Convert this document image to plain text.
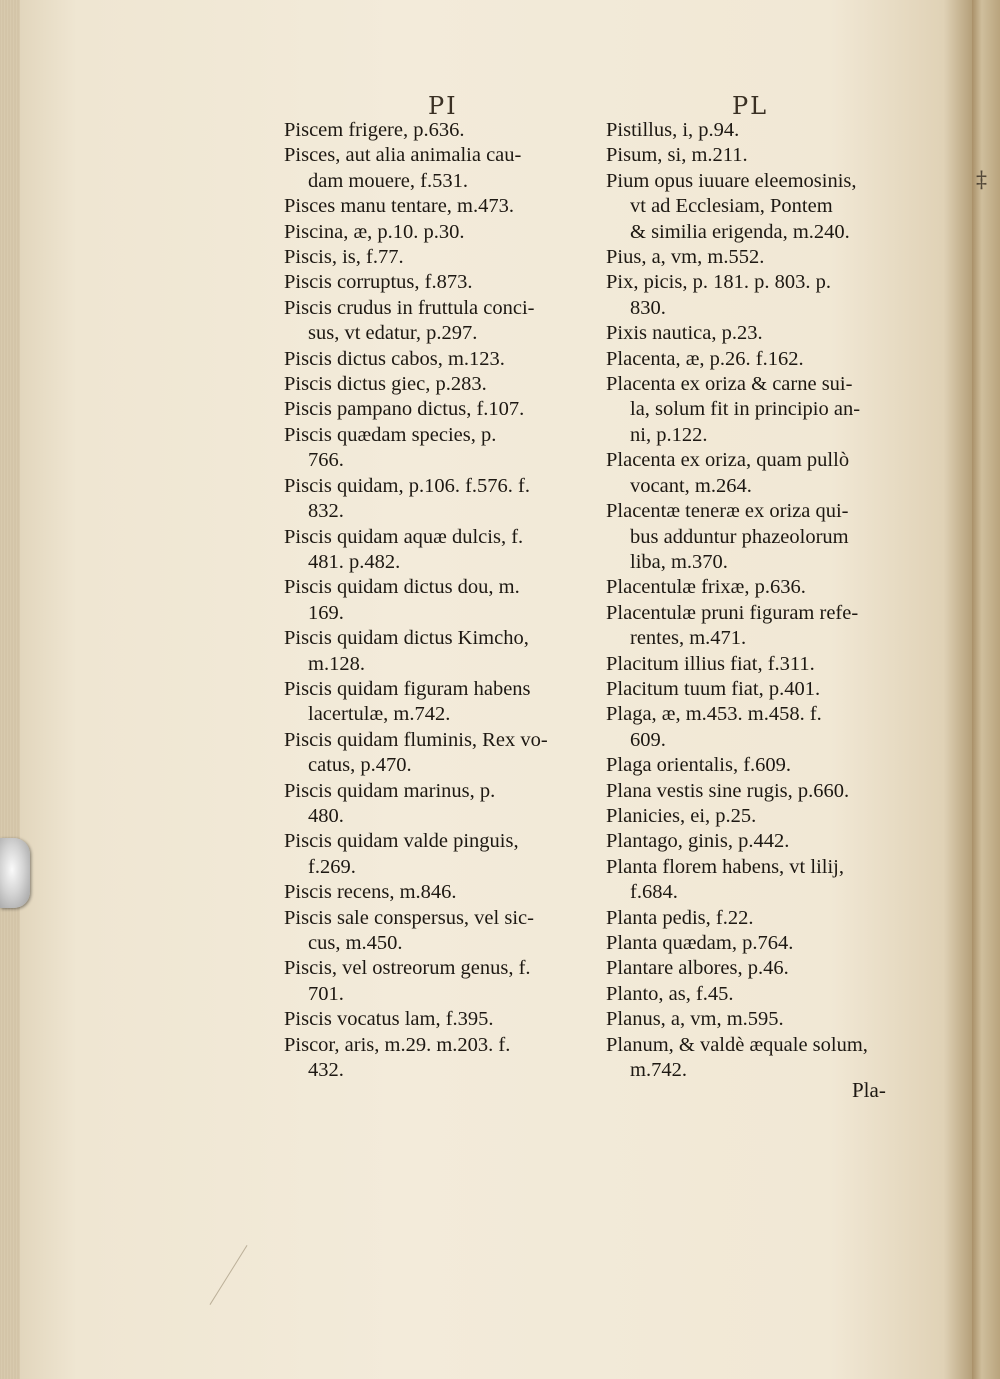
‡
PI	PL
Piscem frigere, p.636.
Pisces, aut alia animalia cau-
dam mouere, f.531.
Pisces manu tentare, m.473.
Piscina, æ, p.10. p.30.
Piscis, is, f.77.
Piscis corruptus, f.873.
Piscis crudus in fruttula conci-
sus, vt edatur, p.297.
Piscis dictus cabos, m.123.
Piscis dictus giec, p.283.
Piscis pampano dictus, f.107.
Piscis quædam species, p.
766.
Piscis quidam, p.106. f.576. f.
832.
Piscis quidam aquæ dulcis, f.
481. p.482.
Piscis quidam dictus dou, m.
169.
Piscis quidam dictus Kimcho,
m.128.
Piscis quidam figuram habens
lacertulæ, m.742.
Piscis quidam fluminis, Rex vo-
catus, p.470.
Piscis quidam marinus, p.
480.
Piscis quidam valde pinguis,
f.269.
Piscis recens, m.846.
Piscis sale conspersus, vel sic-
cus, m.450.
Piscis, vel ostreorum genus, f.
701.
Piscis vocatus lam, f.395.
Piscor, aris, m.29. m.203. f.
432.
Pistillus, i, p.94.
Pisum, si, m.211.
Pium opus iuuare eleemosinis,
vt ad Ecclesiam, Pontem
& similia erigenda, m.240.
Pius, a, vm, m.552.
Pix, picis, p. 181. p. 803. p.
830.
Pixis nautica, p.23.
Placenta, æ, p.26. f.162.
Placenta ex oriza & carne sui-
la, solum fit in principio an-
ni, p.122.
Placenta ex oriza, quam pullò
vocant, m.264.
Placentæ teneræ ex oriza qui-
bus adduntur phazeolorum
liba, m.370.
Placentulæ frixæ, p.636.
Placentulæ pruni figuram refe-
rentes, m.471.
Placitum illius fiat, f.311.
Placitum tuum fiat, p.401.
Plaga, æ, m.453. m.458. f.
609.
Plaga orientalis, f.609.
Plana vestis sine rugis, p.660.
Planicies, ei, p.25.
Plantago, ginis, p.442.
Planta florem habens, vt lilij,
f.684.
Planta pedis, f.22.
Planta quædam, p.764.
Plantare albores, p.46.
Planto, as, f.45.
Planus, a, vm, m.595.
Planum, & valdè æquale solum,
m.742.
Pla-
